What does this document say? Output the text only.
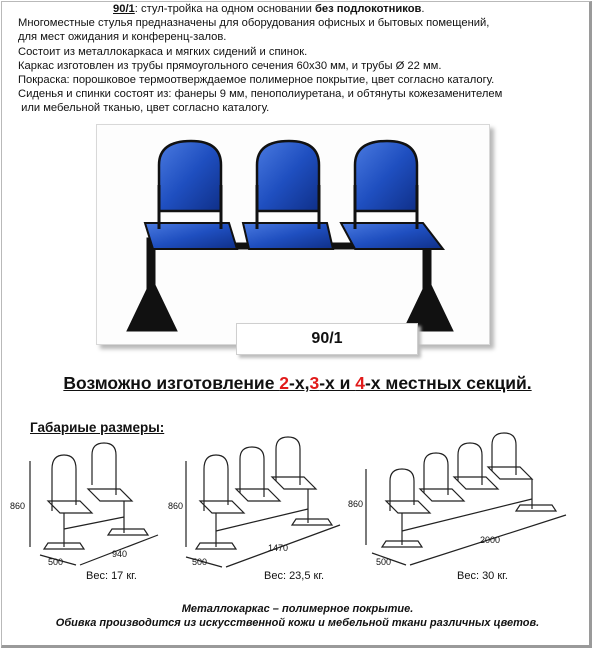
90/1: стул-тройка на одном основании без подлокотников.
Многоместные стулья предназначены для оборудования офисных и бытовых помещений,
для мест ожидания и конференц-залов.
Состоит из металлокаркаса и мягких сидений и спинок.
Каркас изготовлен из трубы прямоугольного сечения 60х30 мм, и трубы Ø 22 мм.
Покраска: порошковое термоотверждаемое полимерное покрытие, цвет согласно каталогу.
Сиденья и спинки состоят из: фанеры 9 мм, пенополиуретана, и обтянуты кожезаменителем
или мебельной тканью, цвет согласно каталогу.
90/1
Возможно изготовление 2-х,3-х и 4-х местных секций.
Габариые размеры:
860
500
940
860
500
1470
860
500
2000
Вес: 17 кг.	Вес: 23,5 кг.	Вес: 30 кг.
Металлокаркас – полимерное покрытие.
Обивка производится из искусственной кожи и мебельной ткани различных цветов.
